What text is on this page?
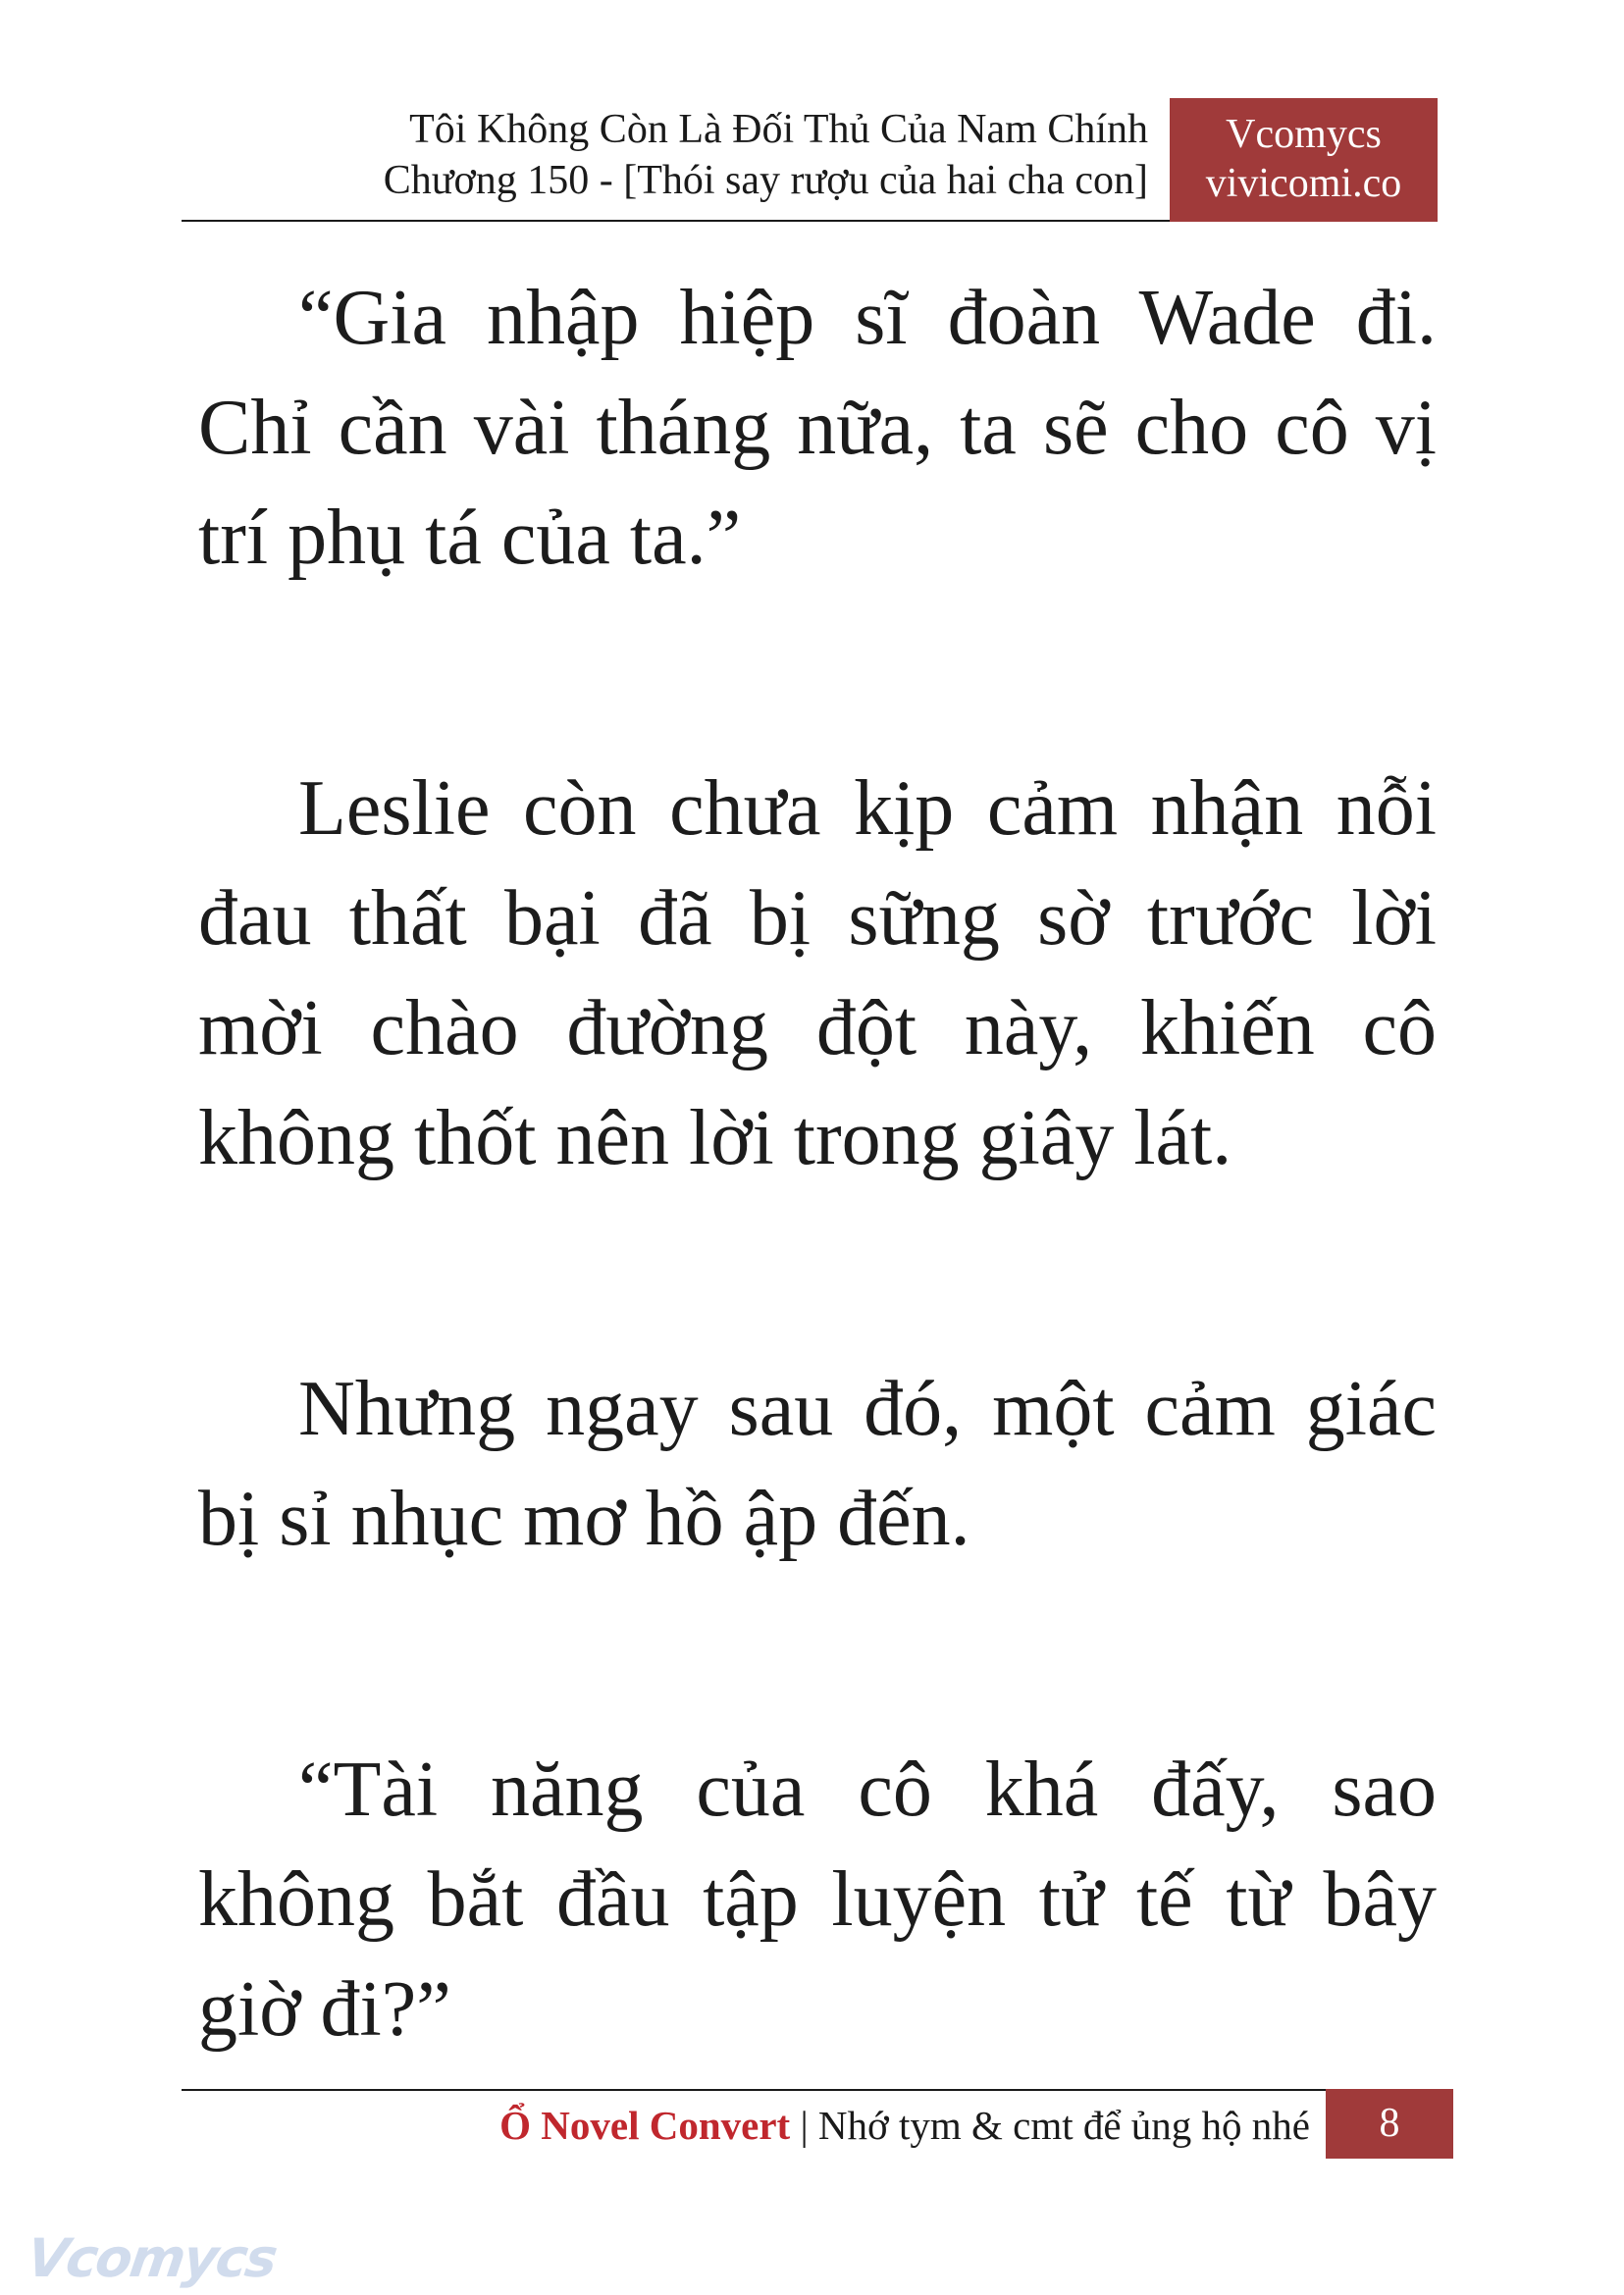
Tôi Không Còn Là Đối Thủ Của Nam Chính
Chương 150 - [Thói say rượu của hai cha con]
Vcomycs
vivicomi.co

“Gia nhập hiệp sĩ đoàn Wade đi. Chỉ cần vài tháng nữa, ta sẽ cho cô vị trí phụ tá của ta.”

Leslie còn chưa kịp cảm nhận nỗi đau thất bại đã bị sững sờ trước lời mời chào đường đột này, khiến cô không thốt nên lời trong giây lát.

Nhưng ngay sau đó, một cảm giác bị sỉ nhục mơ hồ ập đến.

“Tài năng của cô khá đấy, sao không bắt đầu tập luyện tử tế từ bây giờ đi?”

Ổ Novel Convert | Nhớ tym & cmt để ủng hộ nhé	8
Vcomycs
